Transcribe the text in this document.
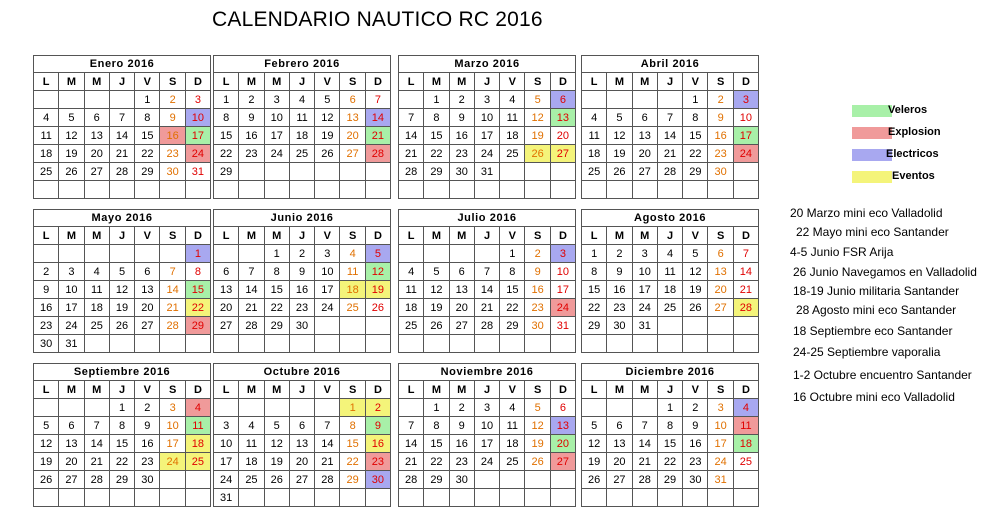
CALENDARIO NAUTICO RC 2016
Enero 2016						
L	M	M	J	V	S	D
				1	2	3
4	5	6	7	8	9	10
11	12	13	14	15	16	17
18	19	20	21	22	23	24
25	26	27	28	29	30	31

Febrero 2016						
L	M	M	J	V	S	D
1	2	3	4	5	6	7
8	9	10	11	12	13	14
15	16	17	18	19	20	21
22	23	24	25	26	27	28
29						

Marzo 2016						
L	M	M	J	V	S	D
	1	2	3	4	5	6
7	8	9	10	11	12	13
14	15	16	17	18	19	20
21	22	23	24	25	26	27
28	29	30	31			

Abril 2016						
L	M	M	J	V	S	D
				1	2	3
4	5	6	7	8	9	10
11	12	13	14	15	16	17
18	19	20	21	22	23	24
25	26	27	28	29	30	

Mayo 2016						
L	M	M	J	V	S	D
						1
2	3	4	5	6	7	8
9	10	11	12	13	14	15
16	17	18	19	20	21	22
23	24	25	26	27	28	29
30	31					
Junio 2016						
L	M	M	J	V	S	D
		1	2	3	4	5
6	7	8	9	10	11	12
13	14	15	16	17	18	19
20	21	22	23	24	25	26
27	28	29	30			

Julio 2016						
L	M	M	J	V	S	D
				1	2	3
4	5	6	7	8	9	10
11	12	13	14	15	16	17
18	19	20	21	22	23	24
25	26	27	28	29	30	31

Agosto 2016						
L	M	M	J	V	S	D
1	2	3	4	5	6	7
8	9	10	11	12	13	14
15	16	17	18	19	20	21
22	23	24	25	26	27	28
29	30	31				

Septiembre 2016						
L	M	M	J	V	S	D
			1	2	3	4
5	6	7	8	9	10	11
12	13	14	15	16	17	18
19	20	21	22	23	24	25
26	27	28	29	30		

Octubre 2016						
L	M	M	J	V	S	D
					1	2
3	4	5	6	7	8	9
10	11	12	13	14	15	16
17	18	19	20	21	22	23
24	25	26	27	28	29	30
31						
Noviembre 2016						
L	M	M	J	V	S	D
	1	2	3	4	5	6
7	8	9	10	11	12	13
14	15	16	17	18	19	20
21	22	23	24	25	26	27
28	29	30				

Diciembre 2016						
L	M	M	J	V	S	D
			1	2	3	4
5	6	7	8	9	10	11
12	13	14	15	16	17	18
19	20	21	22	23	24	25
26	27	28	29	30	31	

Veleros
Explosion
Electricos
Eventos
20 Marzo mini eco Valladolid
22 Mayo mini eco Santander
4-5 Junio FSR Arija
26 Junio Navegamos en Valladolid
18-19 Junio militaria Santander
28 Agosto mini eco Santander
18 Septiembre eco Santander
24-25 Septiembre vaporalia
1-2 Octubre encuentro Santander
16 Octubre mini eco Valladolid
